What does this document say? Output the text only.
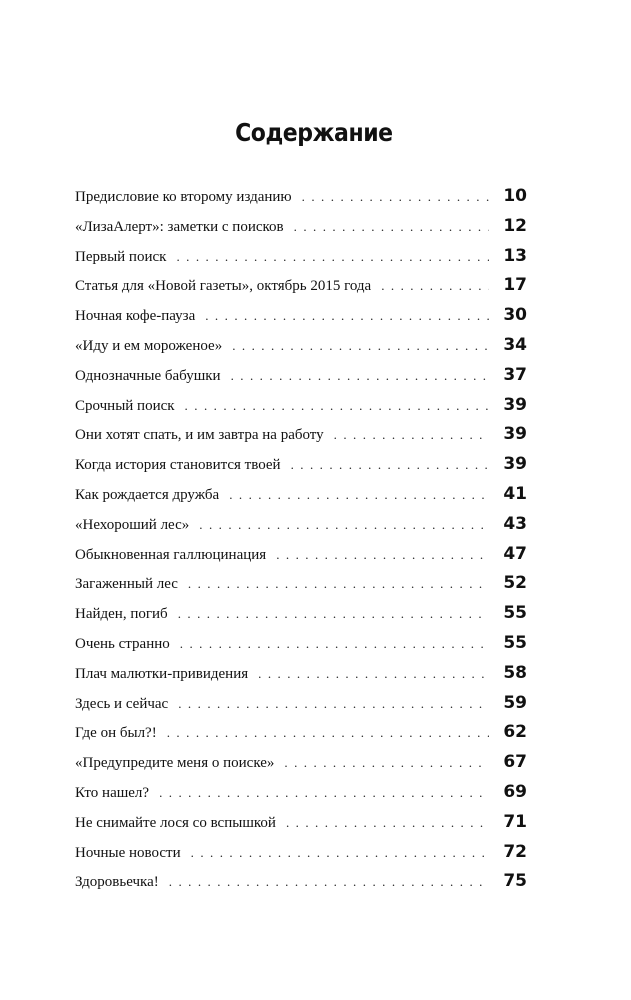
Содержание
Предисловие ко второму изданию . . .	10
«ЛизаАлерт»: заметки с поисков . . .	12
Первый поиск . . .	13
Статья для «Новой газеты», октябрь 2015 года . . .	17
Ночная кофе-пауза . . .	30
«Иду и ем мороженое» . . .	34
Однозначные бабушки . . .	37
Срочный поиск . . .	39
Они хотят спать, и им завтра на работу . . .	39
Когда история становится твоей . . .	39
Как рождается дружба . . .	41
«Нехороший лес» . . .	43
Обыкновенная галлюцинация . . .	47
Загаженный лес . . .	52
Найден, погиб . . .	55
Очень странно . . .	55
Плач малютки-привидения . . .	58
Здесь и сейчас . . .	59
Где он был?! . . .	62
«Предупредите меня о поиске» . . .	67
Кто нашел? . . .	69
Не снимайте лося со вспышкой . . .	71
Ночные новости . . .	72
Здоровьечка! . . .	75
